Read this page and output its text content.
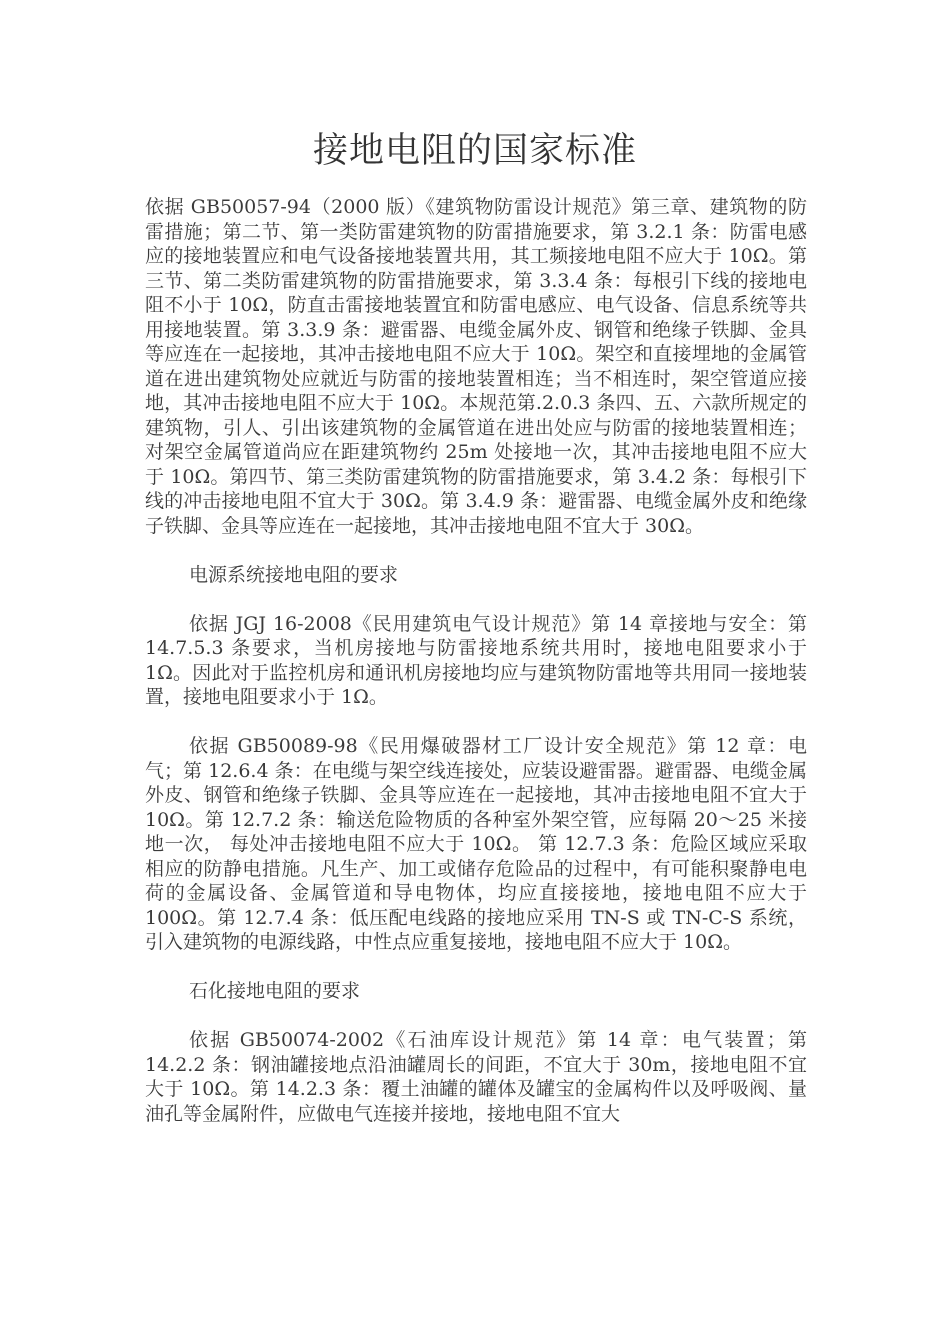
接地电阻的国家标准

依据 GB50057-94（2000 版）《建筑物防雷设计规范》第三章、建筑物的防雷措施；第二节、第一类防雷建筑物的防雷措施要求，第 3.2.1 条：防雷电感应的接地装置应和电气设备接地装置共用，其工频接地电阻不应大于 10Ω。第三节、第二类防雷建筑物的防雷措施要求，第 3.3.4 条：每根引下线的接地电阻不小于 10Ω，防直击雷接地装置宜和防雷电感应、电气设备、信息系统等共用接地装置。第 3.3.9 条：避雷器、电缆金属外皮、钢管和绝缘子铁脚、金具等应连在一起接地，其冲击接地电阻不应大于 10Ω。架空和直接埋地的金属管道在进出建筑物处应就近与防雷的接地装置相连；当不相连时，架空管道应接地，其冲击接地电阻不应大于 10Ω。本规范第.2.0.3 条四、五、六款所规定的建筑物，引人、引出该建筑物的金属管道在进出处应与防雷的接地装置相连；对架空金属管道尚应在距建筑物约 25m 处接地一次，其冲击接地电阻不应大于 10Ω。第四节、第三类防雷建筑物的防雷措施要求，第 3.4.2 条：每根引下线的冲击接地电阻不宜大于 30Ω。第 3.4.9 条：避雷器、电缆金属外皮和绝缘子铁脚、金具等应连在一起接地，其冲击接地电阻不宜大于 30Ω。

电源系统接地电阻的要求

依据 JGJ 16-2008《民用建筑电气设计规范》第 14 章接地与安全：第 14.7.5.3 条要求，当机房接地与防雷接地系统共用时，接地电阻要求小于 1Ω。因此对于监控机房和通讯机房接地均应与建筑物防雷地等共用同一接地装置，接地电阻要求小于 1Ω。

依据 GB50089-98《民用爆破器材工厂设计安全规范》第 12 章：电气；第 12.6.4 条：在电缆与架空线连接处，应装设避雷器。避雷器、电缆金属外皮、钢管和绝缘子铁脚、金具等应连在一起接地，其冲击接地电阻不宜大于 10Ω。第 12.7.2 条：输送危险物质的各种室外架空管，应每隔 20～25 米接地一次， 每处冲击接地电阻不应大于 10Ω。 第 12.7.3 条：危险区域应采取相应的防静电措施。凡生产、加工或储存危险品的过程中，有可能积聚静电电荷的金属设备、金属管道和导电物体，均应直接接地，接地电阻不应大于 100Ω。第 12.7.4 条：低压配电线路的接地应采用 TN-S 或 TN-C-S 系统，引入建筑物的电源线路，中性点应重复接地，接地电阻不应大于 10Ω。

石化接地电阻的要求

依据 GB50074-2002《石油库设计规范》第 14 章：电气装置；第 14.2.2 条：钢油罐接地点沿油罐周长的间距，不宜大于 30m，接地电阻不宜大于 10Ω。第 14.2.3 条：覆土油罐的罐体及罐宝的金属构件以及呼吸阀、量油孔等金属附件，应做电气连接并接地，接地电阻不宜大
